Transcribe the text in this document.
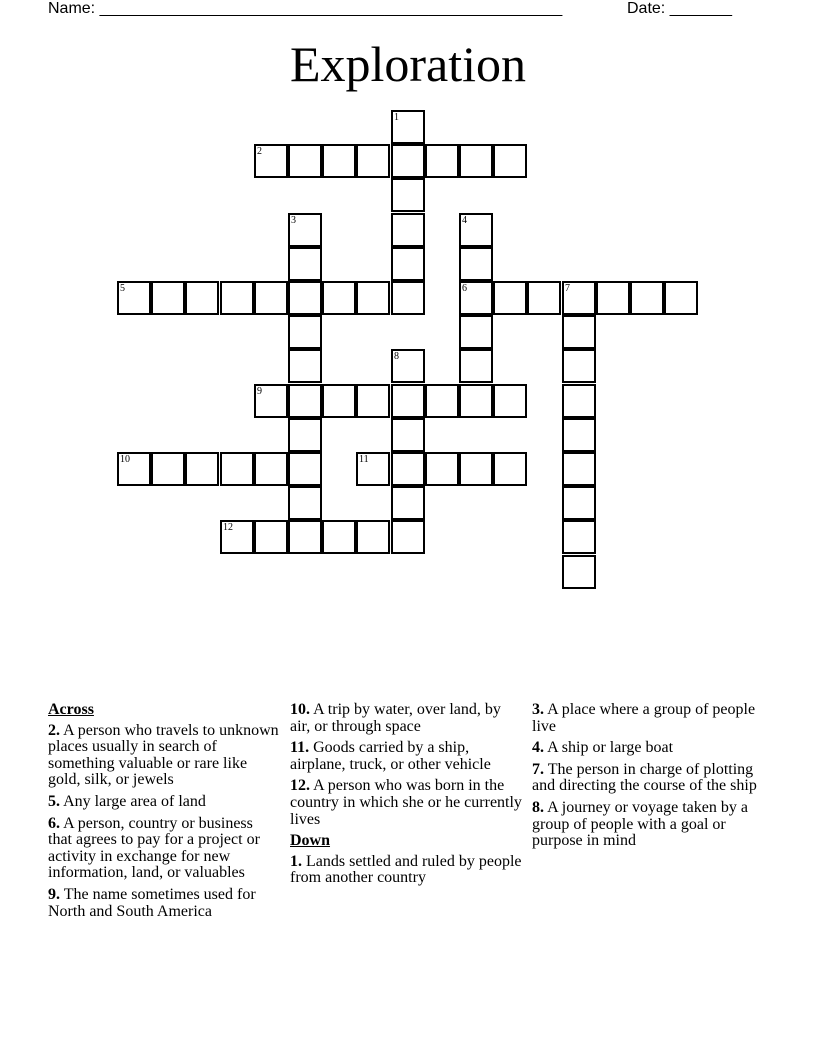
Name: ____________________________________________________	Date: _______
Exploration
1
2
3	4
6
5	7
8
9
10	11
12
Across
2. A person who travels to unknown places usually in search of something valuable or rare like gold, silk, or jewels
5. Any large area of land
6. A person, country or business that agrees to pay for a project or activity in exchange for new information, land, or valuables
9. The name sometimes used for North and South America
10. A trip by water, over land, by air, or through space
11. Goods carried by a ship, airplane, truck, or other vehicle
12. A person who was born in the country in which she or he currently lives
Down
1. Lands settled and ruled by people from another country
3. A place where a group of people live
4. A ship or large boat
7. The person in charge of plotting and directing the course of the ship
8. A journey or voyage taken by a group of people with a goal or purpose in mind
